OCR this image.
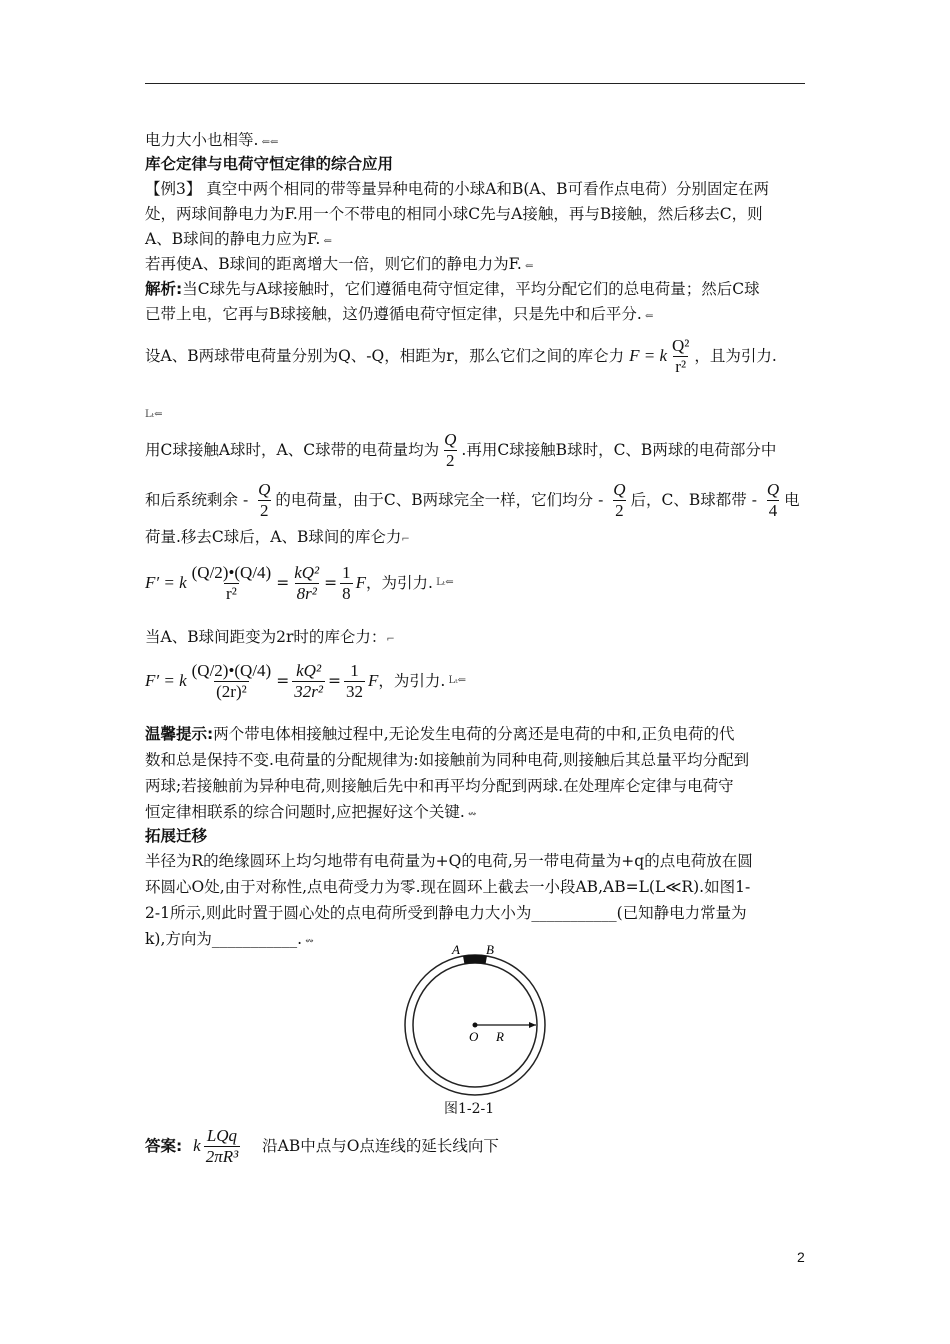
电力大小也相等. ⇐⇐
库仑定律与电荷守恒定律的综合应用
【例3】 真空中两个相同的带等量异种电荷的小球A和B(A、B可看作点电荷）分别固定在两
处，两球间静电力为F.用一个不带电的相同小球C先与A接触，再与B接触，然后移去C，则
A、B球间的静电力应为F. ⇐
若再使A、B球间的距离增大一倍，则它们的静电力为F. ⇐
解析:当C球先与A球接触时，它们遵循电荷守恒定律，平均分配它们的总电荷量；然后C球
已带上电，它再与B球接触，这仍遵循电荷守恒定律，只是先中和后平分. ⇐
设A、B两球带电荷量分别为Q、-Q，相距为r，那么它们之间的库仑力 F = k $\frac{\text{Q²}}{\text{r²}}$ ，且为引力.
Lₜ⇐
用C球接触A球时，A、C球带的电荷量均为 $\frac{Q}{2}$ .再用C球接触B球时，C、B两球的电荷部分中
和后系统剩余 - $\frac{Q}{2}$ 的电荷量，由于C、B两球完全一样，它们均分 - $\frac{Q}{2}$ 后，C、B球都带 - $\frac{Q}{4}$ 电
荷量.移去C球后，A、B球间的库仑力⌐
F′ = k $\frac{(Q/2)•(Q/4)}{\text{r²}} = \frac{\text{kQ²}}{\text{8r²}} = \frac{1}{8}$ F，为引力. Lₜ⇐
当A、B球间距变为2r时的库仑力：⌐
F′ = k $\frac{(Q/2)•(Q/4)}{\text{(2r)²}} = \frac{\text{kQ²}}{\text{32r²}} = \frac{1}{32}$ F，为引力. Lₜ⇐
温馨提示:两个带电体相接触过程中,无论发生电荷的分离还是电荷的中和,正负电荷的代
数和总是保持不变.电荷量的分配规律为:如接触前为同种电荷,则接触后其总量平均分配到
两球;若接触前为异种电荷,则接触后先中和再平均分配到两球.在处理库仑定律与电荷守
恒定律相联系的综合问题时,应把握好这个关键. ↭
拓展迁移
半径为R的绝缘圆环上均匀地带有电荷量为+Q的电荷,另一带电荷量为+q的点电荷放在圆
环圆心O处,由于对称性,点电荷受力为零.现在圆环上截去一小段AB,AB=L(L≪R).如图1-
2-1所示,则此时置于圆心处的点电荷所受到静电力大小为___________(已知静电力常量为
k),方向为___________. ↭
A B
O R
图1-2-1
答案: k $\frac{\text{LQq}}{\text{2πR³}}$ 沿AB中点与O点连线的延长线向下
2
